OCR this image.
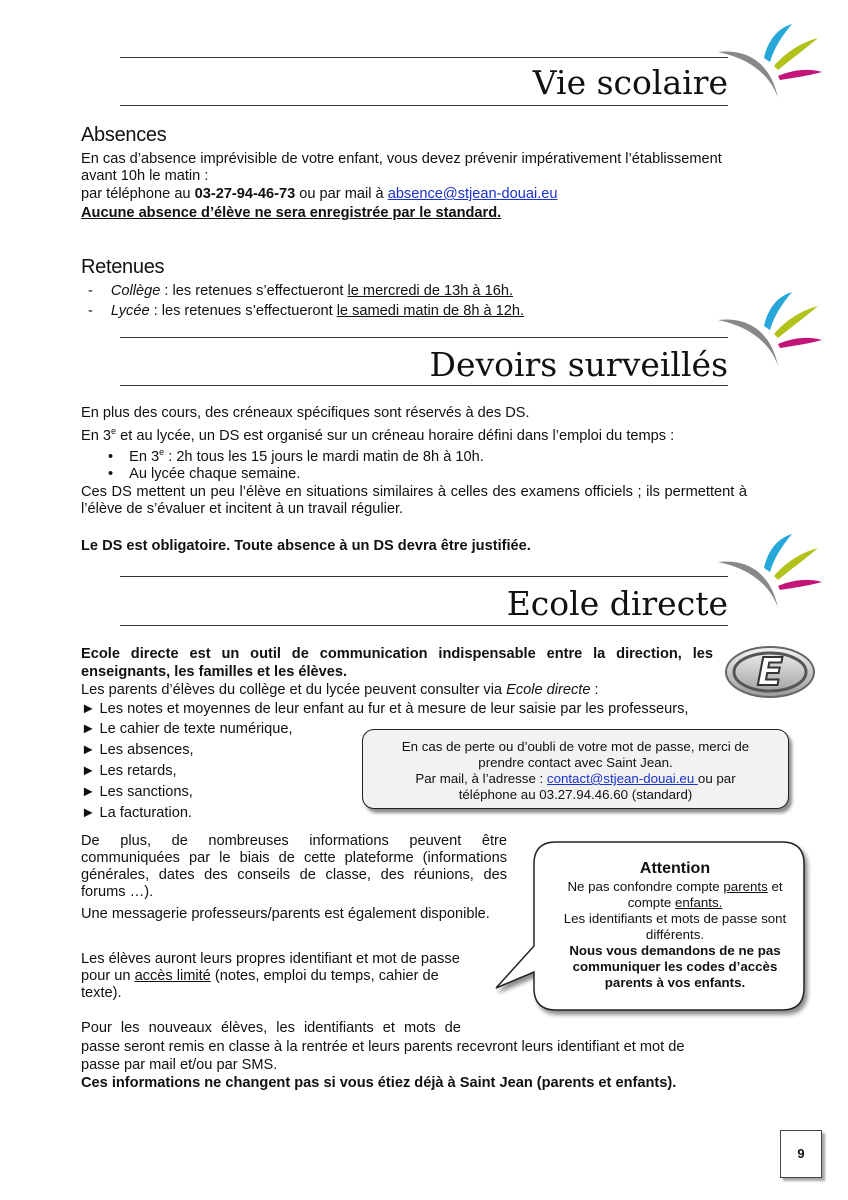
Vie scolaire
Absences
En cas d’absence imprévisible de votre enfant, vous devez prévenir impérativement l’établissement
avant 10h le matin :
par téléphone au 03-27-94-46-73 ou par mail à absence@stjean-douai.eu
Aucune absence d’élève ne sera enregistrée par le standard.
Retenues
- Collège : les retenues s’effectueront le mercredi de 13h à 16h.
- Lycée : les retenues s’effectueront le samedi matin de 8h à 12h.
Devoirs surveillés
En plus des cours, des créneaux spécifiques sont réservés à des DS.
En 3e et au lycée, un DS est organisé sur un créneau horaire défini dans l’emploi du temps :
• En 3e : 2h tous les 15 jours le mardi matin de 8h à 10h.
• Au lycée chaque semaine.
Ces DS mettent un peu l’élève en situations similaires à celles des examens officiels ; ils permettent à l’élève de s’évaluer et incitent à un travail régulier.
Le DS est obligatoire. Toute absence à un DS devra être justifiée.
Ecole directe
Ecole directe est un outil de communication indispensable entre la direction, les enseignants, les familles et les élèves.	E
Les parents d’élèves du collège et du lycée peuvent consulter via Ecole directe :
► Les notes et moyennes de leur enfant au fur et à mesure de leur saisie par les professeurs,
► Le cahier de texte numérique,
► Les absences,
► Les retards,
► Les sanctions,
► La facturation.
En cas de perte ou d’oubli de votre mot de passe, merci de
prendre contact avec Saint Jean.
Par mail, à l’adresse : contact@stjean-douai.eu ou par
téléphone au 03.27.94.46.60 (standard)
De plus, de nombreuses informations peuvent être communiquées par le biais de cette plateforme (informations générales, dates des conseils de classe, des réunions, des forums …).
Une messagerie professeurs/parents est également disponible.
Les élèves auront leurs propres identifiant et mot de passe pour un accès limité (notes, emploi du temps, cahier de texte).
Attention
Ne pas confondre compte parents et
compte enfants.
Les identifiants et mots de passe sont
différents.
Nous vous demandons de ne pas communiquer les codes d’accès parents à vos enfants.
Pour les nouveaux élèves, les identifiants et mots de
passe seront remis en classe à la rentrée et leurs parents recevront leurs identifiant et mot de
passe par mail et/ou par SMS.
Ces informations ne changent pas si vous étiez déjà à Saint Jean (parents et enfants).
9
